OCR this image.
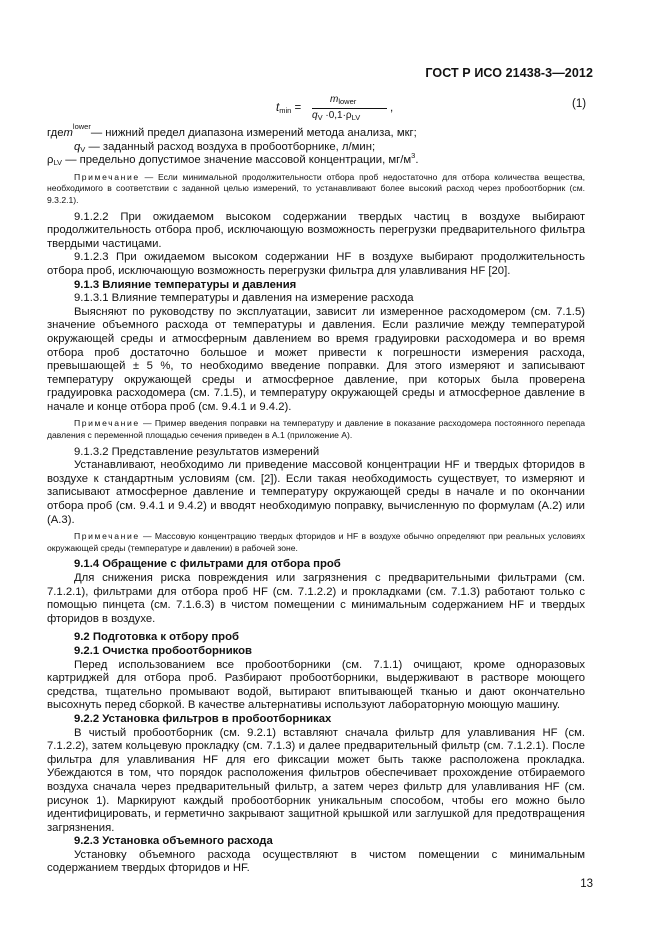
ГОСТ Р ИСО 21438-3—2012
$t_{min}$ =
$m_{lower}$
$q_V \cdot 0,1\cdot\rho_{LV}$
,	(1)

где m
lower
— нижний предел диапазона измерений метода анализа, мкг;

$q_V$ — заданный расход воздуха в пробоотборнике, л/мин;

$\rho_{LV}$ — предельно допустимое значение массовой концентрации, $мг/м^3$.

Примечание — Если минимальной продолжительности отбора проб недостаточно для отбора количества вещества, необходимого в соответствии с заданной целью измерений, то устанавливают более высокий расход через пробоотборник (см. 9.3.2.1).

9.1.2.2 При ожидаемом высоком содержании твердых частиц в воздухе выбирают продолжительность отбора проб, исключающую возможность перегрузки предварительного фильтра твердыми частицами.

9.1.2.3 При ожидаемом высоком содержании HF в воздухе выбирают продолжительность отбора проб, исключающую возможность перегрузки фильтра для улавливания HF [20].

9.1.3 Влияние температуры и давления

9.1.3.1 Влияние температуры и давления на измерение расхода

Выясняют по руководству по эксплуатации, зависит ли измеренное расходомером (см. 7.1.5) значение объемного расхода от температуры и давления. Если различие между температурой окружающей среды и атмосферным давлением во время градуировки расходомера и во время отбора проб достаточно большое и может привести к погрешности измерения расхода, превышающей ± 5 %, то необходимо введение поправки. Для этого измеряют и записывают температуру окружающей среды и атмосферное давление, при которых была проверена градуировка расходомера (см. 7.1.5), и температуру окружающей среды и атмосферное давление в начале и конце отбора проб (см. 9.4.1 и 9.4.2).

Примечание — Пример введения поправки на температуру и давление в показание расходомера постоянного перепада давления с переменной площадью сечения приведен в А.1 (приложение А).

9.1.3.2 Представление результатов измерений

Устанавливают, необходимо ли приведение массовой концентрации HF и твердых фторидов в воздухе к стандартным условиям (см. [2]). Если такая необходимость существует, то измеряют и записывают атмосферное давление и температуру окружающей среды в начале и по окончании отбора проб (см. 9.4.1 и 9.4.2) и вводят необходимую поправку, вычисленную по формулам (А.2) или (А.3).

Примечание — Массовую концентрацию твердых фторидов и HF в воздухе обычно определяют при реальных условиях окружающей среды (температуре и давлении) в рабочей зоне.

9.1.4 Обращение с фильтрами для отбора проб

Для снижения риска повреждения или загрязнения с предварительными фильтрами (см. 7.1.2.1), фильтрами для отбора проб HF (см. 7.1.2.2) и прокладками (см. 7.1.3) работают только с помощью пинцета (см. 7.1.6.3) в чистом помещении с минимальным содержанием HF и твердых фторидов в воздухе.

9.2 Подготовка к отбору проб

9.2.1 Очистка пробоотборников

Перед использованием все пробоотборники (см. 7.1.1) очищают, кроме одноразовых картриджей для отбора проб. Разбирают пробоотборники, выдерживают в растворе моющего средства, тщательно промывают водой, вытирают впитывающей тканью и дают окончательно высохнуть перед сборкой. В качестве альтернативы используют лабораторную моющую машину.

9.2.2 Установка фильтров в пробоотборниках

В чистый пробоотборник (см. 9.2.1) вставляют сначала фильтр для улавливания HF (см. 7.1.2.2), затем кольцевую прокладку (см. 7.1.3) и далее предварительный фильтр (см. 7.1.2.1). После фильтра для улавливания HF для его фиксации может быть также расположена прокладка. Убеждаются в том, что порядок расположения фильтров обеспечивает прохождение отбираемого воздуха сначала через предварительный фильтр, а затем через фильтр для улавливания HF (см. рисунок 1). Маркируют каждый пробоотборник уникальным способом, чтобы его можно было идентифицировать, и герметично закрывают защитной крышкой или заглушкой для предотвращения загрязнения.

9.2.3 Установка объемного расхода

Установку объемного расхода осуществляют в чистом помещении с минимальным содержанием твердых фторидов и HF.

13
